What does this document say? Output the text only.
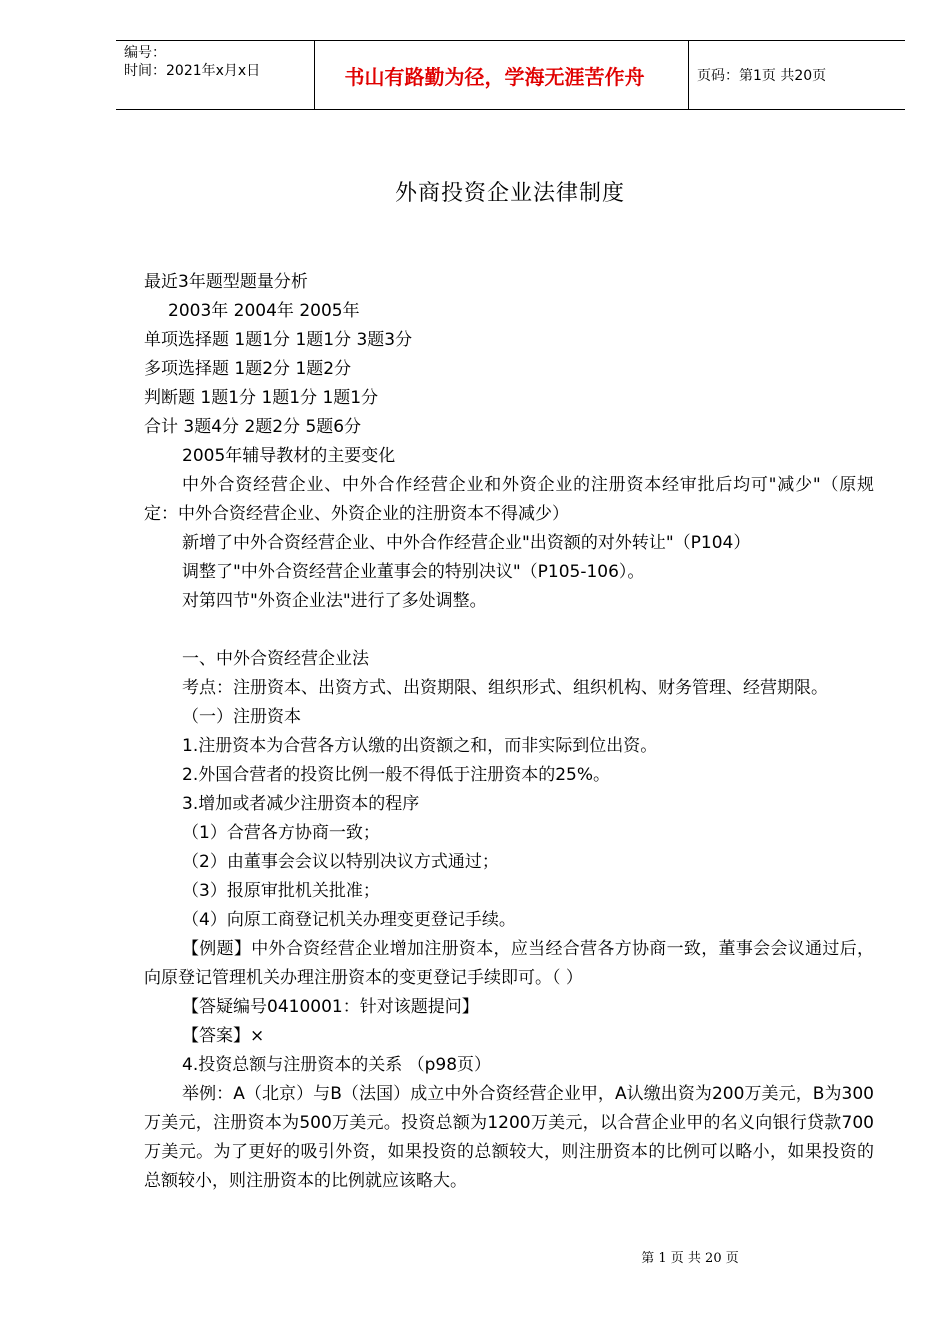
编号：
时间：2021年x月x日	书山有路勤为径，学海无涯苦作舟	页码：第1页 共20页
外商投资企业法律制度

最近3年题型题量分析

2003年 2004年 2005年

单项选择题 1题1分 1题1分 3题3分

多项选择题 1题2分 1题2分

判断题 1题1分 1题1分 1题1分

合计 3题4分 2题2分 5题6分

2005年辅导教材的主要变化

中外合资经营企业、中外合作经营企业和外资企业的注册资本经审批后均可"减少"（原规定：中外合资经营企业、外资企业的注册资本不得减少）

新增了中外合资经营企业、中外合作经营企业"出资额的对外转让"（P104）

调整了"中外合资经营企业董事会的特别决议"（P105-106）。

对第四节"外资企业法"进行了多处调整。

一、中外合资经营企业法

考点：注册资本、出资方式、出资期限、组织形式、组织机构、财务管理、经营期限。

（一）注册资本

1.注册资本为合营各方认缴的出资额之和，而非实际到位出资。

2.外国合营者的投资比例一般不得低于注册资本的25%。

3.增加或者减少注册资本的程序

（1）合营各方协商一致；

（2）由董事会会议以特别决议方式通过；

（3）报原审批机关批准；

（4）向原工商登记机关办理变更登记手续。

【例题】中外合资经营企业增加注册资本，应当经合营各方协商一致，董事会会议通过后，向原登记管理机关办理注册资本的变更登记手续即可。（ ）

【答疑编号0410001：针对该题提问】

【答案】×

4.投资总额与注册资本的关系 （p98页）

举例：A（北京）与B（法国）成立中外合资经营企业甲，A认缴出资为200万美元，B为300万美元，注册资本为500万美元。投资总额为1200万美元，以合营企业甲的名义向银行贷款700万美元。为了更好的吸引外资，如果投资的总额较大，则注册资本的比例可以略小，如果投资的总额较小，则注册资本的比例就应该略大。

第 1 页 共 20 页
